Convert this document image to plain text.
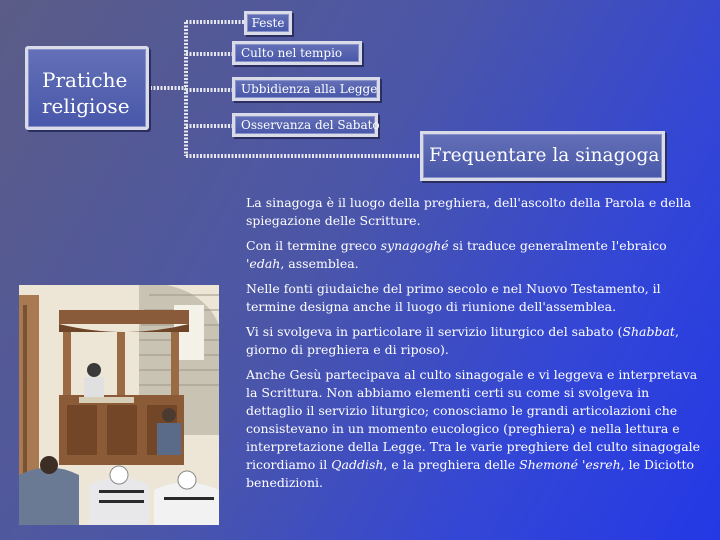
Pratiche
religiose
Feste
Culto nel tempio
Ubbidienza alla Legge
Osservanza del Sabato
Frequentare la sinagoga

La sinagoga è il luogo della preghiera, dell'ascolto della Parola e della spiegazione delle Scritture.

Con il termine greco synagoghé si traduce generalmente l'ebraico 'edah, assemblea.

Nelle fonti giudaiche del primo secolo e nel Nuovo Testamento, il termine designa anche il luogo di riunione dell'assemblea.

Vi si svolgeva in particolare il servizio liturgico del sabato (Shabbat, giorno di preghiera e di riposo).

Anche Gesù partecipava al culto sinagogale e vi leggeva e interpretava la Scrittura. Non abbiamo elementi certi su come si svolgeva in dettaglio il servizio liturgico; conosciamo le grandi articolazioni che consistevano in un momento eucologico (preghiera) e nella lettura e interpretazione della Legge. Tra le varie preghiere del culto sinagogale ricordiamo il Qaddish, e la preghiera delle Shemoné 'esreh, le Diciotto benedizioni.
